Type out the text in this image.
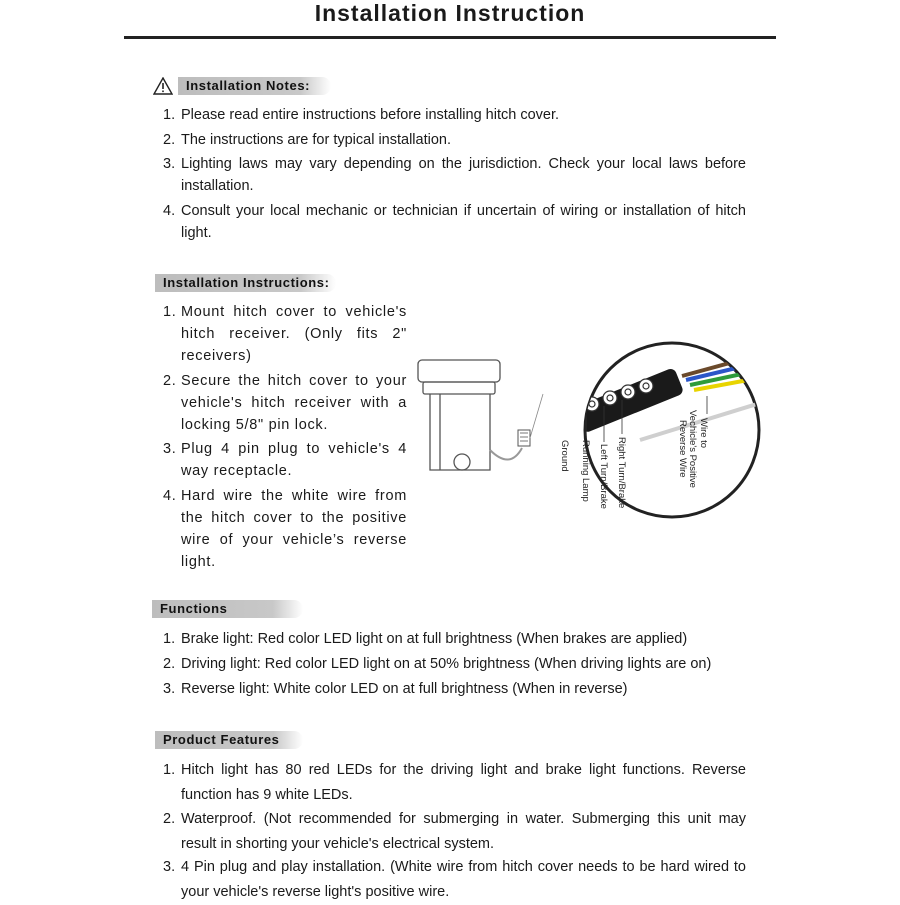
Installation Instruction
Installation Notes:
1. Please read entire instructions before installing hitch cover.
2. The instructions are for typical installation.
3. Lighting laws may vary depending on the jurisdiction. Check your local laws before installation.
4. Consult your local mechanic or technician if uncertain of wiring or installation of hitch light.
Installation Instructions:
1. Mount hitch cover to vehicle's hitch receiver. (Only fits 2" receivers)
2. Secure the hitch cover to your vehicle's hitch receiver with a locking 5/8" pin lock.
3. Plug 4 pin plug to vehicle's 4 way receptacle.
4. Hard wire the white wire from the hitch cover to the positive wire of your vehicle’s reverse light.
Ground Running Lamp Left Turn/Brake Right Turn/Brake
Wire to
Vechicle's Positive
Reverse Wire
Functions
1. Brake light: Red color LED light on at full brightness (When brakes are applied)
2. Driving light: Red color LED light on at 50% brightness (When driving lights are on)
3. Reverse light: White color LED on at full brightness (When in reverse)
Product Features
1. Hitch light has 80 red LEDs for the driving light and brake light functions. Reverse function has 9 white LEDs.
2. Waterproof. (Not recommended for submerging in water. Submerging this unit may result in shorting your vehicle's electrical system.
3. 4 Pin plug and play installation. (White wire from hitch cover needs to be hard wired to your vehicle's reverse light's positive wire.
